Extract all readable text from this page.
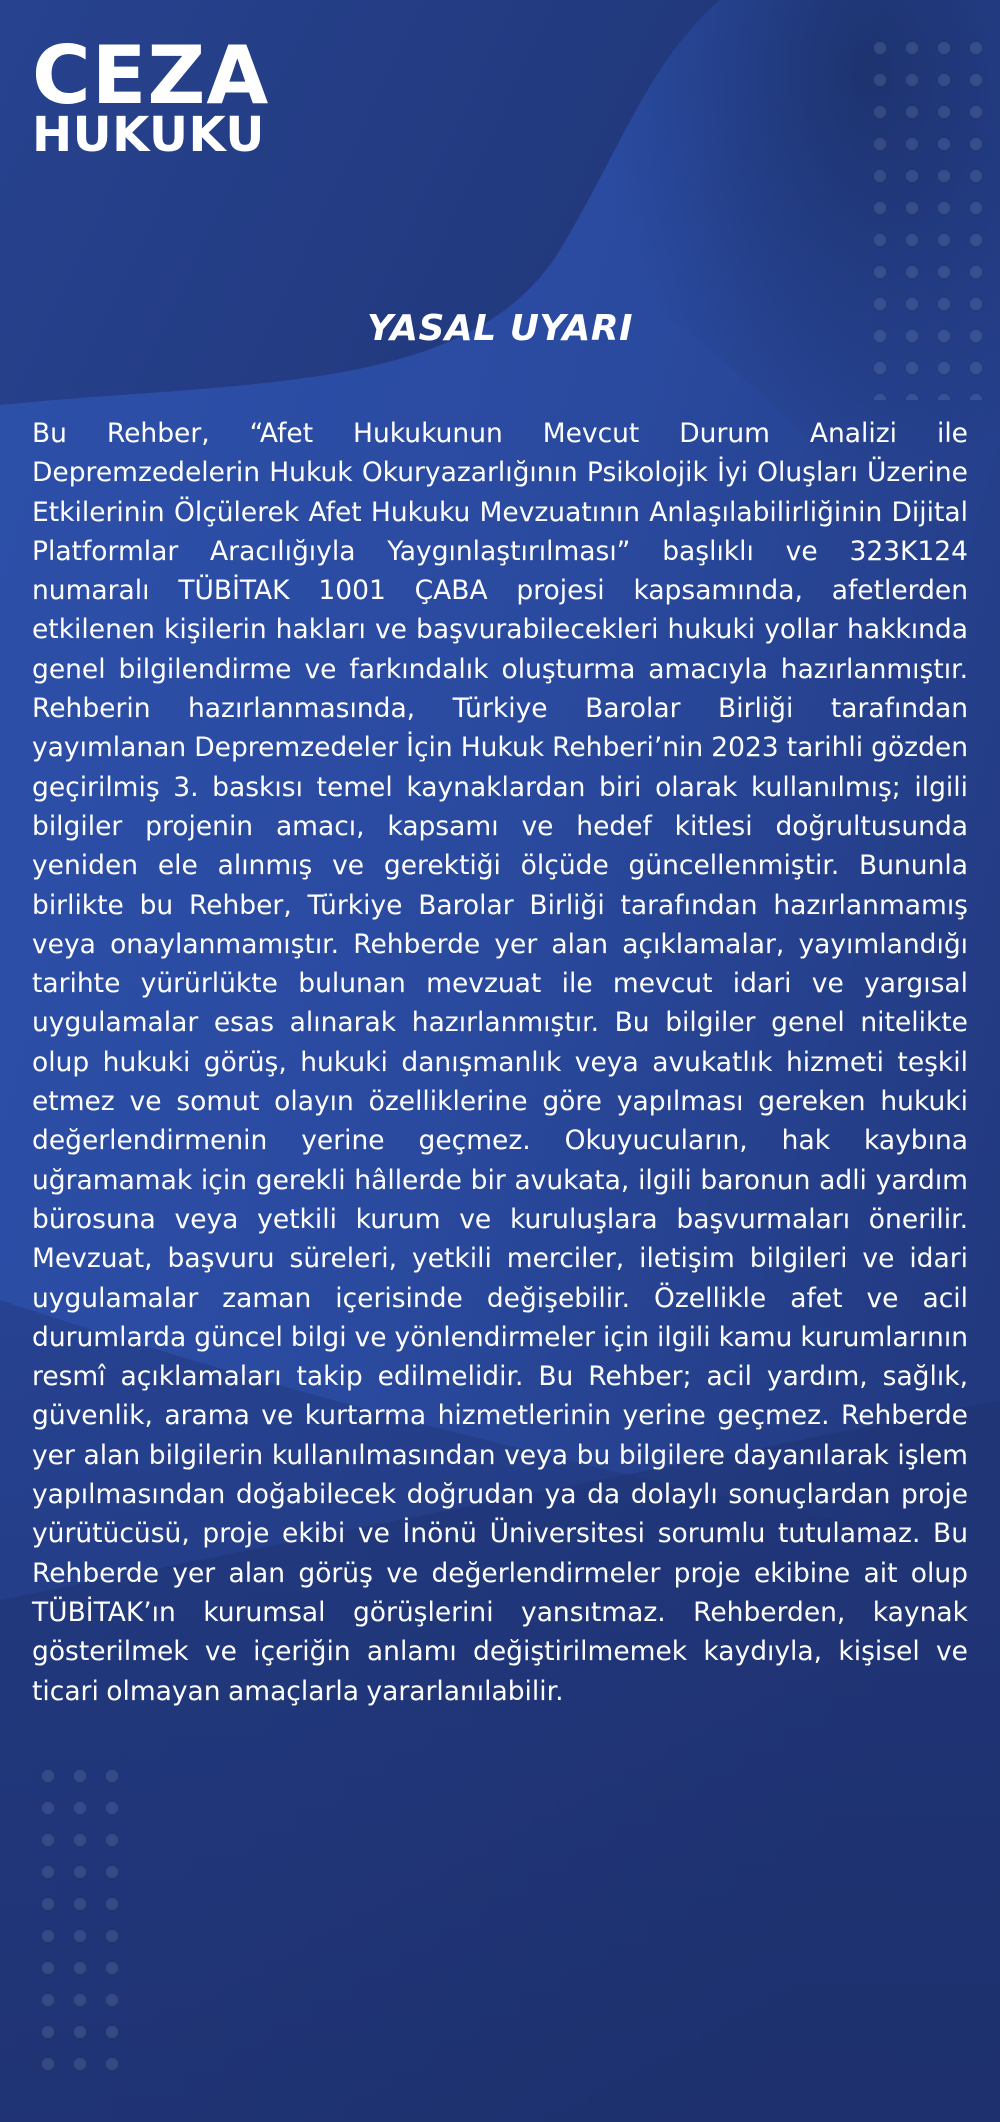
CEZA
HUKUKU
YASAL UYARI

Bu Rehber, “Afet Hukukunun Mevcut Durum Analizi ile Depremzedelerin Hukuk Okuryazarlığının Psikolojik İyi Oluşları Üzerine Etkilerinin Ölçülerek Afet Hukuku Mevzuatının Anlaşılabilirliğinin Dijital Platformlar Aracılığıyla Yaygınlaştırılması” başlıklı ve 323K124 numaralı TÜBİTAK 1001 ÇABA projesi kapsamında, afetlerden etkilenen kişilerin hakları ve başvurabilecekleri hukuki yollar hakkında genel bilgilendirme ve farkındalık oluşturma amacıyla hazırlanmıştır. Rehberin hazırlanmasında, Türkiye Barolar Birliği tarafından yayımlanan Depremzedeler İçin Hukuk Rehberi’nin 2023 tarihli gözden geçirilmiş 3. baskısı temel kaynaklardan biri olarak kullanılmış; ilgili bilgiler projenin amacı, kapsamı ve hedef kitlesi doğrultusunda yeniden ele alınmış ve gerektiği ölçüde güncellenmiştir. Bununla birlikte bu Rehber, Türkiye Barolar Birliği tarafından hazırlanmamış veya onaylanmamıştır. Rehberde yer alan açıklamalar, yayımlandığı tarihte yürürlükte bulunan mevzuat ile mevcut idari ve yargısal uygulamalar esas alınarak hazırlanmıştır. Bu bilgiler genel nitelikte olup hukuki görüş, hukuki danışmanlık veya avukatlık hizmeti teşkil etmez ve somut olayın özelliklerine göre yapılması gereken hukuki değerlendirmenin yerine geçmez. Okuyucuların, hak kaybına uğramamak için gerekli hâllerde bir avukata, ilgili baronun adli yardım bürosuna veya yetkili kurum ve kuruluşlara başvurmaları önerilir. Mevzuat, başvuru süreleri, yetkili merciler, iletişim bilgileri ve idari uygulamalar zaman içerisinde değişebilir. Özellikle afet ve acil durumlarda güncel bilgi ve yönlendirmeler için ilgili kamu kurumlarının resmî açıklamaları takip edilmelidir. Bu Rehber; acil yardım, sağlık, güvenlik, arama ve kurtarma hizmetlerinin yerine geçmez. Rehberde yer alan bilgilerin kullanılmasından veya bu bilgilere dayanılarak işlem yapılmasından doğabilecek doğrudan ya da dolaylı sonuçlardan proje yürütücüsü, proje ekibi ve İnönü Üniversitesi sorumlu tutulamaz. Bu Rehberde yer alan görüş ve değerlendirmeler proje ekibine ait olup TÜBİTAK’ın kurumsal görüşlerini yansıtmaz. Rehberden, kaynak gösterilmek ve içeriğin anlamı değiştirilmemek kaydıyla, kişisel ve ticari olmayan amaçlarla yararlanılabilir.
